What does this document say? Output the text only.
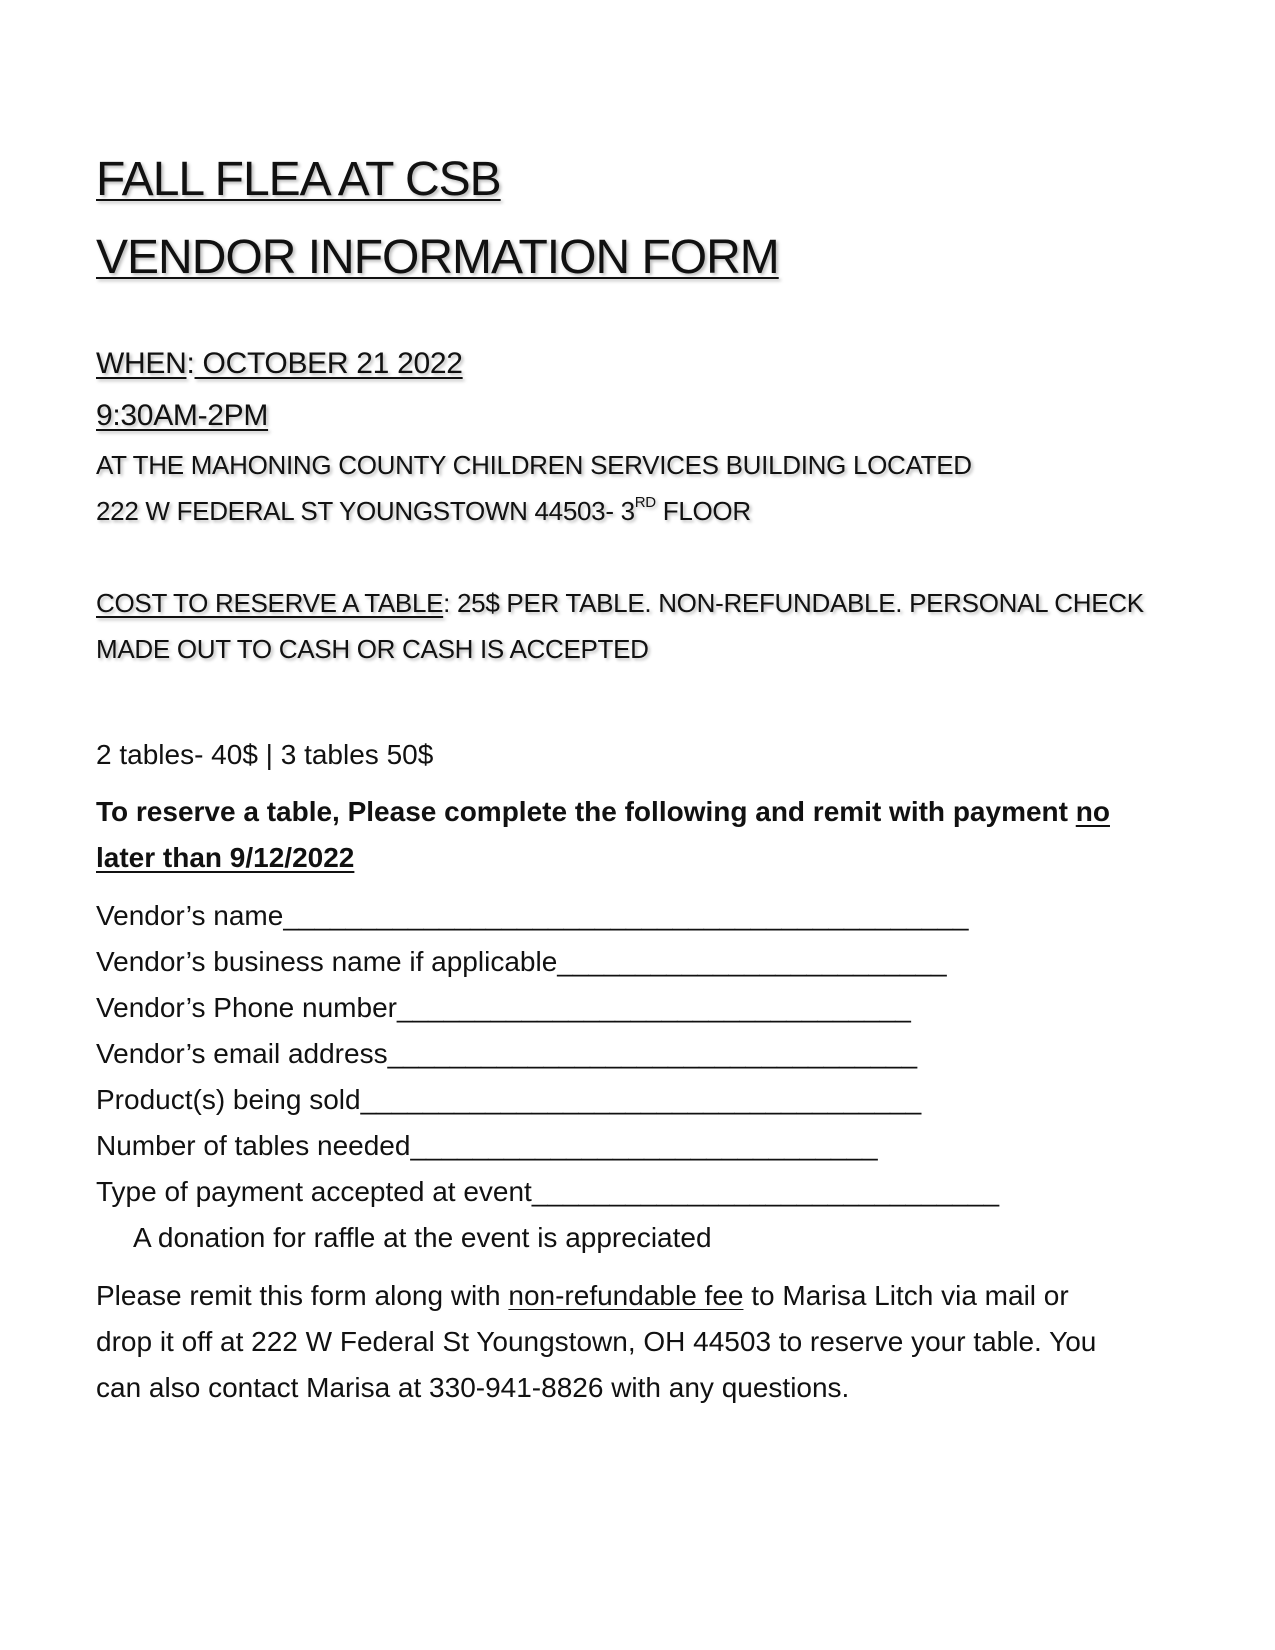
FALL FLEA AT CSB
VENDOR INFORMATION FORM
WHEN: OCTOBER 21 2022
9:30AM-2PM
AT THE MAHONING COUNTY CHILDREN SERVICES BUILDING LOCATED
222 W FEDERAL ST YOUNGSTOWN 44503- 3RD FLOOR
COST TO RESERVE A TABLE: 25$ PER TABLE. NON-REFUNDABLE. PERSONAL CHECK
MADE OUT TO CASH OR CASH IS ACCEPTED
2 tables- 40$ | 3 tables 50$
To reserve a table, Please complete the following and remit with payment no
later than 9/12/2022
Vendor’s name____________________________________________
Vendor’s business name if applicable_________________________
Vendor’s Phone number_________________________________
Vendor’s email address__________________________________
Product(s) being sold____________________________________
Number of tables needed______________________________
Type of payment accepted at event______________________________
A donation for raffle at the event is appreciated
Please remit this form along with non-refundable fee to Marisa Litch via mail or
drop it off at 222 W Federal St Youngstown, OH 44503 to reserve your table. You
can also contact Marisa at 330-941-8826 with any questions.
